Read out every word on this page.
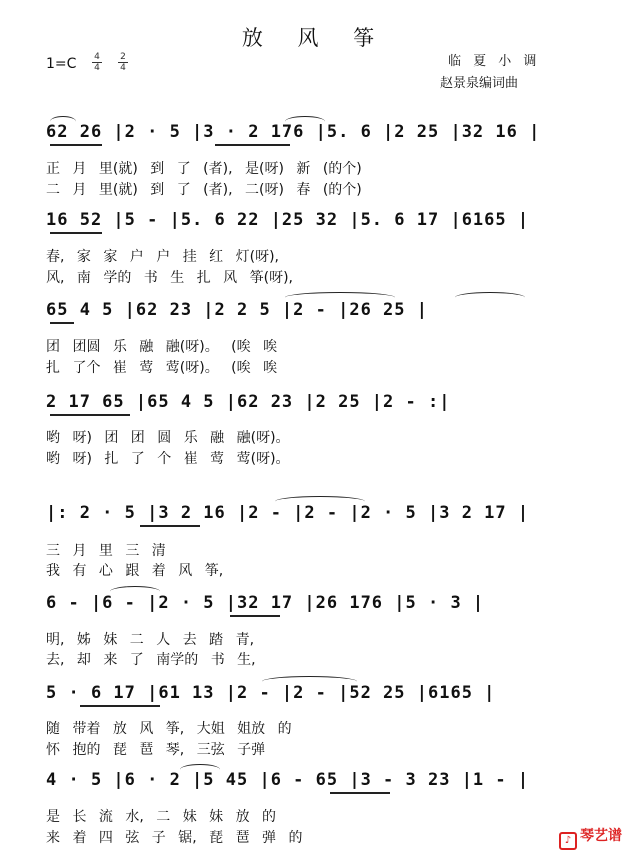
放 风 筝
1=C 4
4
2
4	临 夏 小 调
赵景泉编词曲
62 26 |2 · 5 |3 · 2 176 |5. 6 |2 25 |32 16 |
正 月 里(就) 到 了 (者), 是(呀) 新 (的个)
二 月 里(就) 到 了 (者), 二(呀) 春 (的个)
16 52 |5 - |5. 6 22 |25 32 |5. 6 17 |6165 |
春, 家 家 户 户 挂 红 灯(呀),
风, 南 学的 书 生 扎 风 筝(呀),
65 4 5 |62 23 |2 2 5 |2 - |26 25 |
团 团圆 乐 融 融(呀)。 (唉 唉
扎 了个 崔 莺 莺(呀)。 (唉 唉
2 17 65 |65 4 5 |62 23 |2 25 |2 - :|
哟 呀) 团 团 圆 乐 融 融(呀)。
哟 呀) 扎 了 个 崔 莺 莺(呀)。
|: 2 · 5 |3 2 16 |2 - |2 - |2 · 5 |3 2 17 |
三 月 里 三 清
我 有 心 跟 着 风 筝,
6 - |6 - |2 · 5 |32 17 |26 176 |5 · 3 |
明, 姊 妹 二 人 去 踏 青,
去, 却 来 了 南学的 书 生,
5 · 6 17 |61 13 |2 - |2 - |52 25 |6165 |
随 带着 放 风 筝, 大姐 姐放 的
怀 抱的 琵 琶 琴, 三弦 子弹
4 · 5 |6 · 2 |5 45 |6 - 65 |3 - 3 23 |1 - |
是 长 流 水, 二 妹 妹 放 的
来 着 四 弦 子 锯, 琵 琶 弹 的	♪ 琴艺谱
